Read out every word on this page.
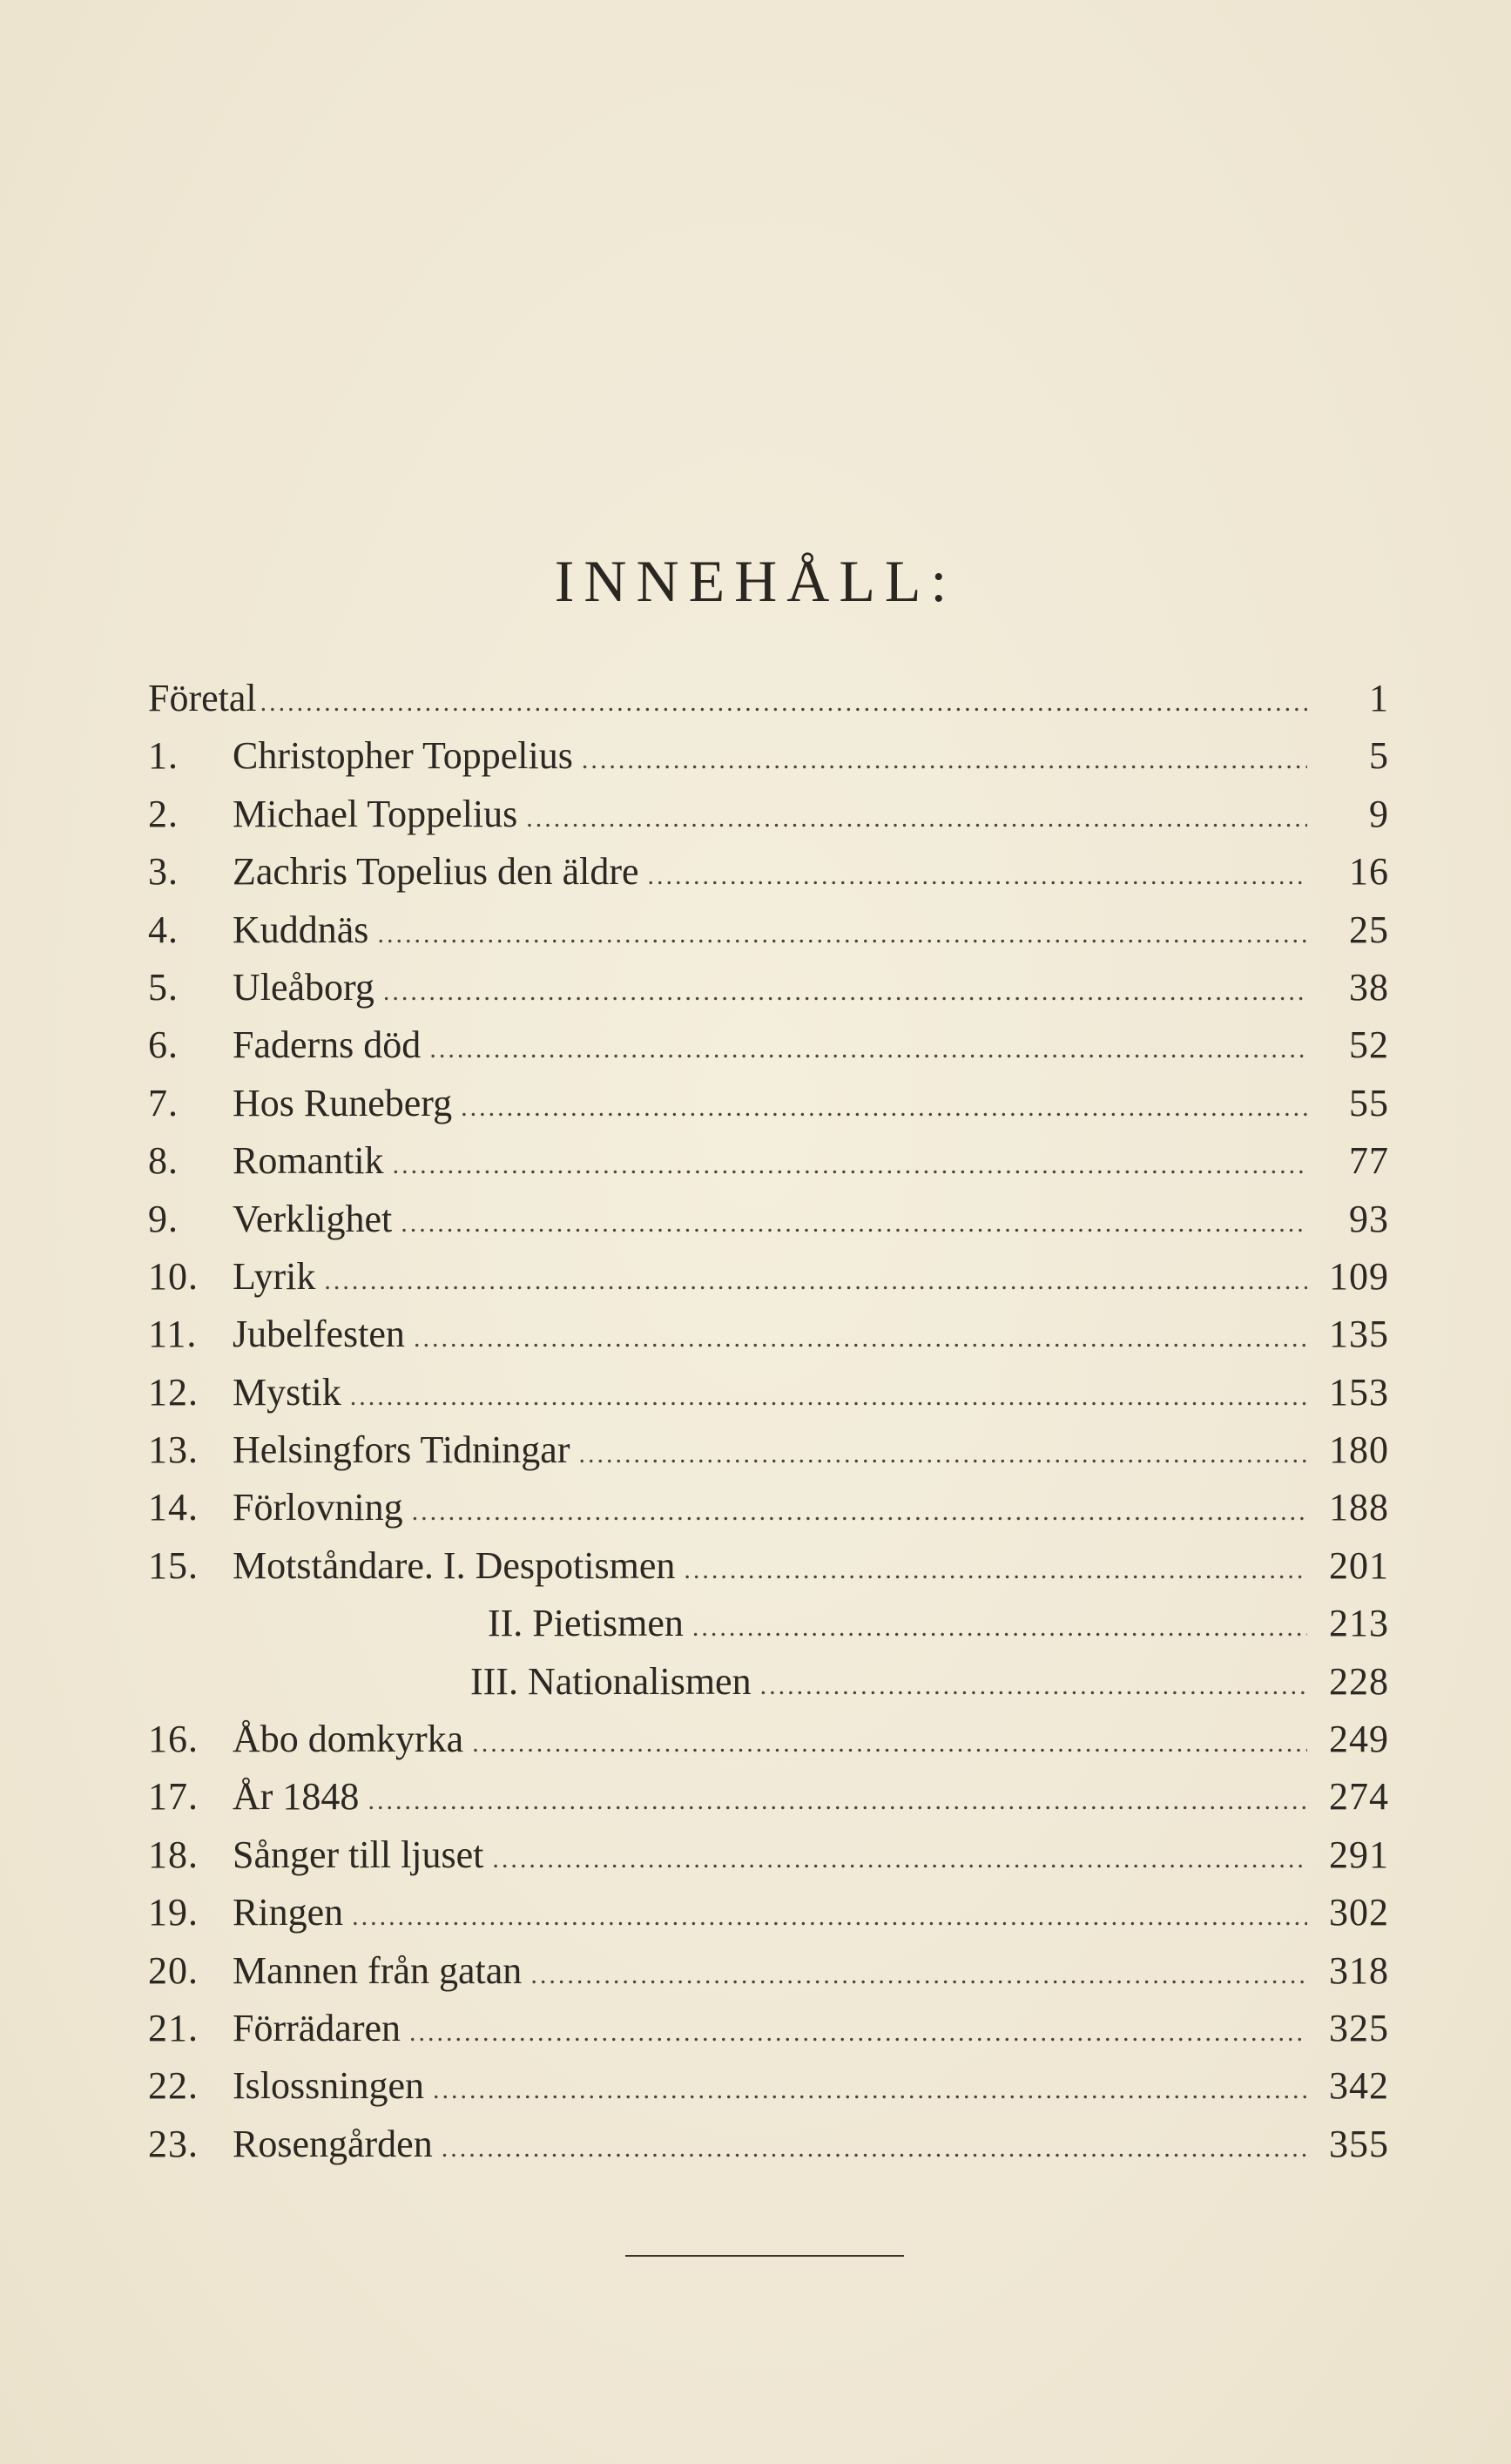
INNEHÅLL:
Företal .....	1
1.	Christopher Toppelius .....	5
2.	Michael Toppelius .....	9
3.	Zachris Topelius den äldre .....	16
4.	Kuddnäs .....	25
5.	Uleåborg .....	38
6.	Faderns död .....	52
7.	Hos Runeberg .....	55
8.	Romantik .....	77
9.	Verklighet .....	93
10. Lyrik .....	109
11. Jubelfesten .....	135
12. Mystik .....	153
13. Helsingfors Tidningar .....	180
14. Förlovning .....	188
15. Motståndare. I. Despotismen .....	201
II. Pietismen .....	213
III. Nationalismen .....	228
16. Åbo domkyrka .....	249
17. År 1848 .....	274
18. Sånger till ljuset .....	291
19. Ringen .....	302
20. Mannen från gatan .....	318
21. Förrädaren .....	325
22. Islossningen .....	342
23. Rosengården .....	355
